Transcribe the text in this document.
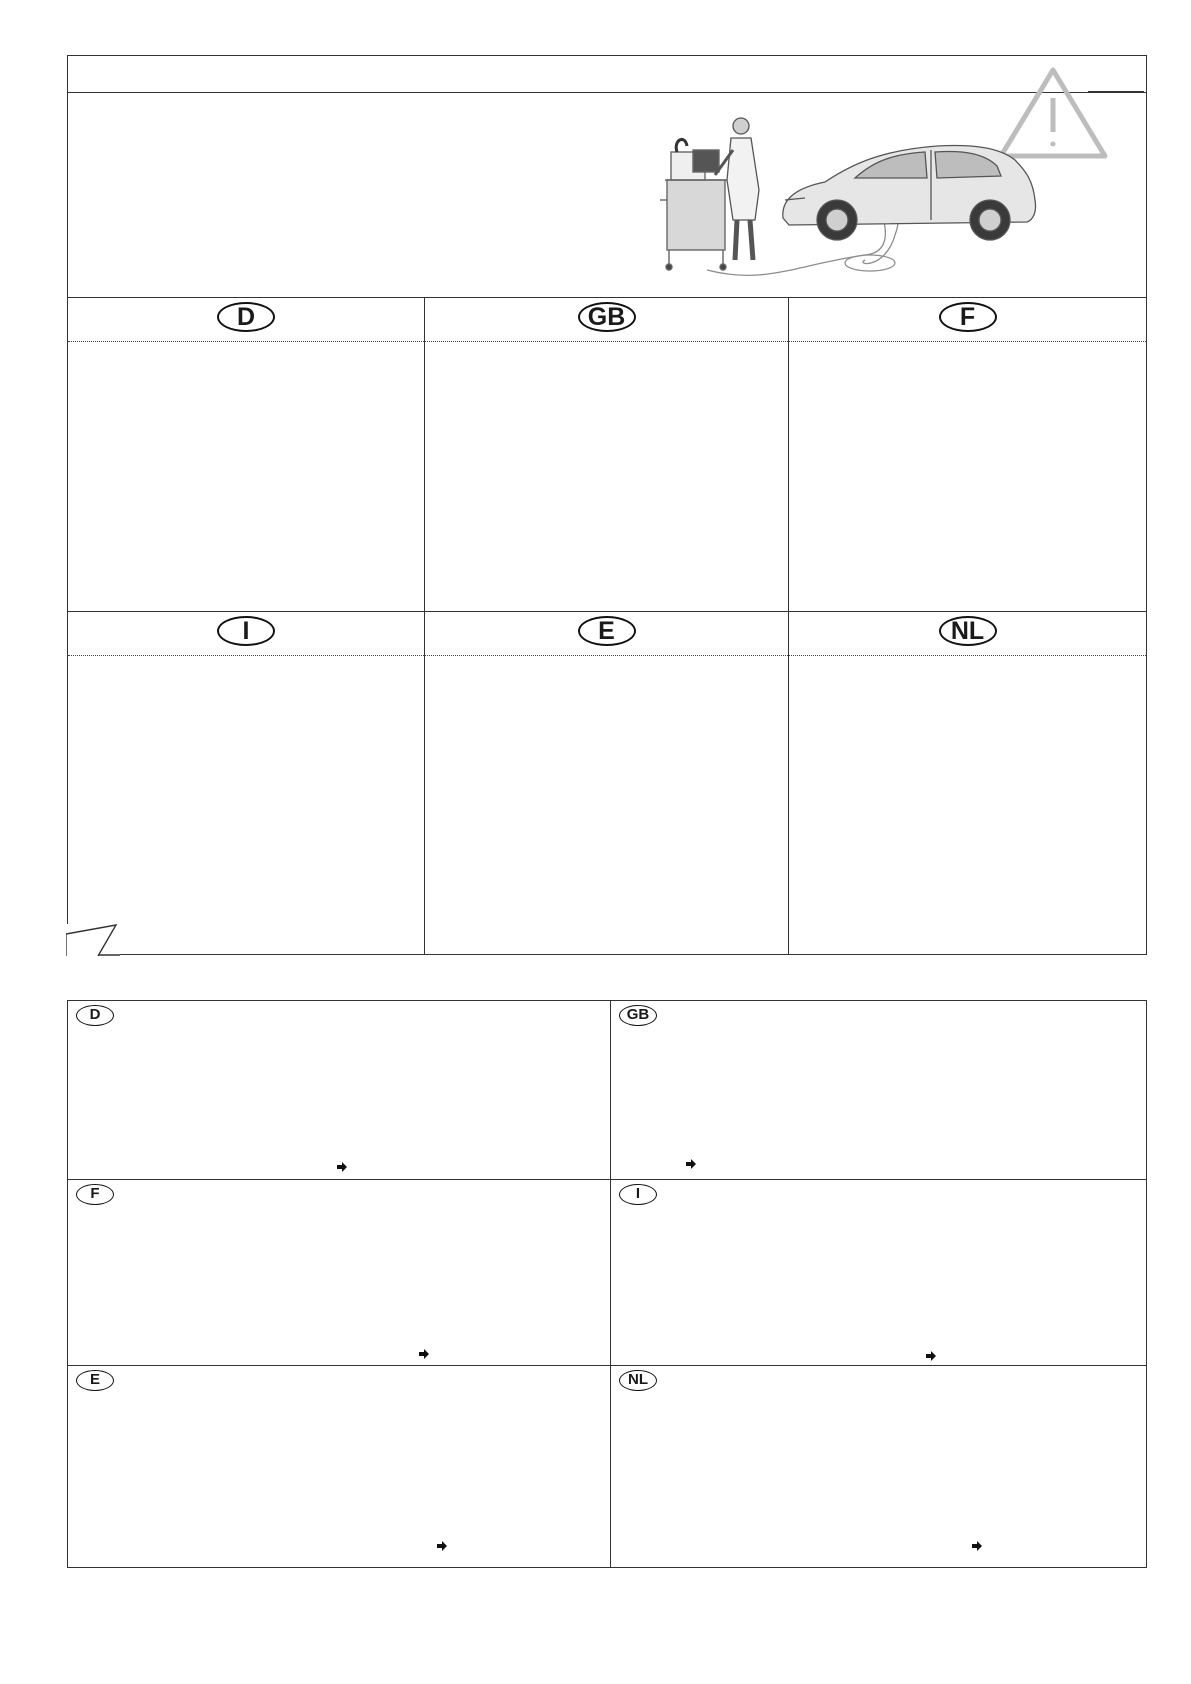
D	GB	F
I	E	NL
D	GB
F	I
E	NL
